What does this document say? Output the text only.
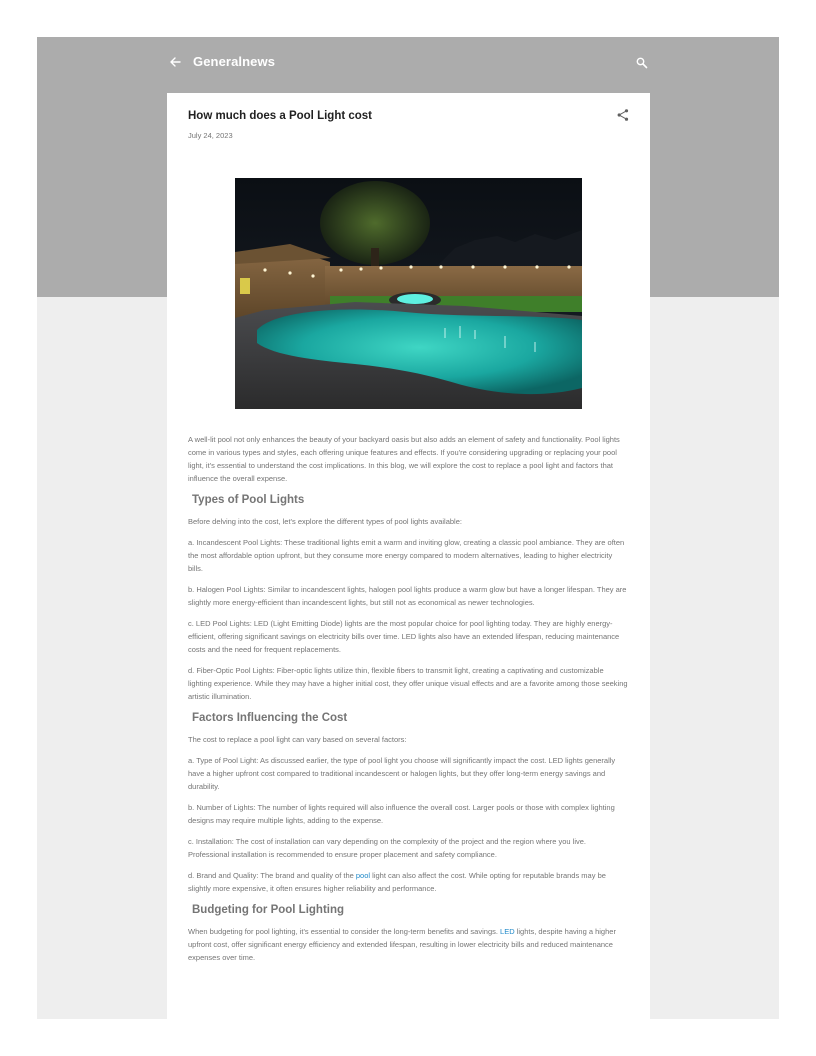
Generalnews
How much does a Pool Light cost
July 24, 2023

A well-lit pool not only enhances the beauty of your backyard oasis but also adds an element of safety and functionality. Pool lights come in various types and styles, each offering unique features and effects. If you're considering upgrading or replacing your pool light, it's essential to understand the cost implications. In this blog, we will explore the cost to replace a pool light and factors that influence the overall expense.

Types of Pool Lights

Before delving into the cost, let's explore the different types of pool lights available:

a. Incandescent Pool Lights: These traditional lights emit a warm and inviting glow, creating a classic pool ambiance. They are often the most affordable option upfront, but they consume more energy compared to modern alternatives, leading to higher electricity bills.

b. Halogen Pool Lights: Similar to incandescent lights, halogen pool lights produce a warm glow but have a longer lifespan. They are slightly more energy-efficient than incandescent lights, but still not as economical as newer technologies.

c. LED Pool Lights: LED (Light Emitting Diode) lights are the most popular choice for pool lighting today. They are highly energy-efficient, offering significant savings on electricity bills over time. LED lights also have an extended lifespan, reducing maintenance costs and the need for frequent replacements.

d. Fiber-Optic Pool Lights: Fiber-optic lights utilize thin, flexible fibers to transmit light, creating a captivating and customizable lighting experience. While they may have a higher initial cost, they offer unique visual effects and are a favorite among those seeking artistic illumination.

Factors Influencing the Cost

The cost to replace a pool light can vary based on several factors:

a. Type of Pool Light: As discussed earlier, the type of pool light you choose will significantly impact the cost. LED lights generally have a higher upfront cost compared to traditional incandescent or halogen lights, but they offer long-term energy savings and durability.

b. Number of Lights: The number of lights required will also influence the overall cost. Larger pools or those with complex lighting designs may require multiple lights, adding to the expense.

c. Installation: The cost of installation can vary depending on the complexity of the project and the region where you live. Professional installation is recommended to ensure proper placement and safety compliance.

d. Brand and Quality: The brand and quality of the pool light can also affect the cost. While opting for reputable brands may be slightly more expensive, it often ensures higher reliability and performance.

Budgeting for Pool Lighting

When budgeting for pool lighting, it's essential to consider the long-term benefits and savings. LED lights, despite having a higher upfront cost, offer significant energy efficiency and extended lifespan, resulting in lower electricity bills and reduced maintenance expenses over time.
